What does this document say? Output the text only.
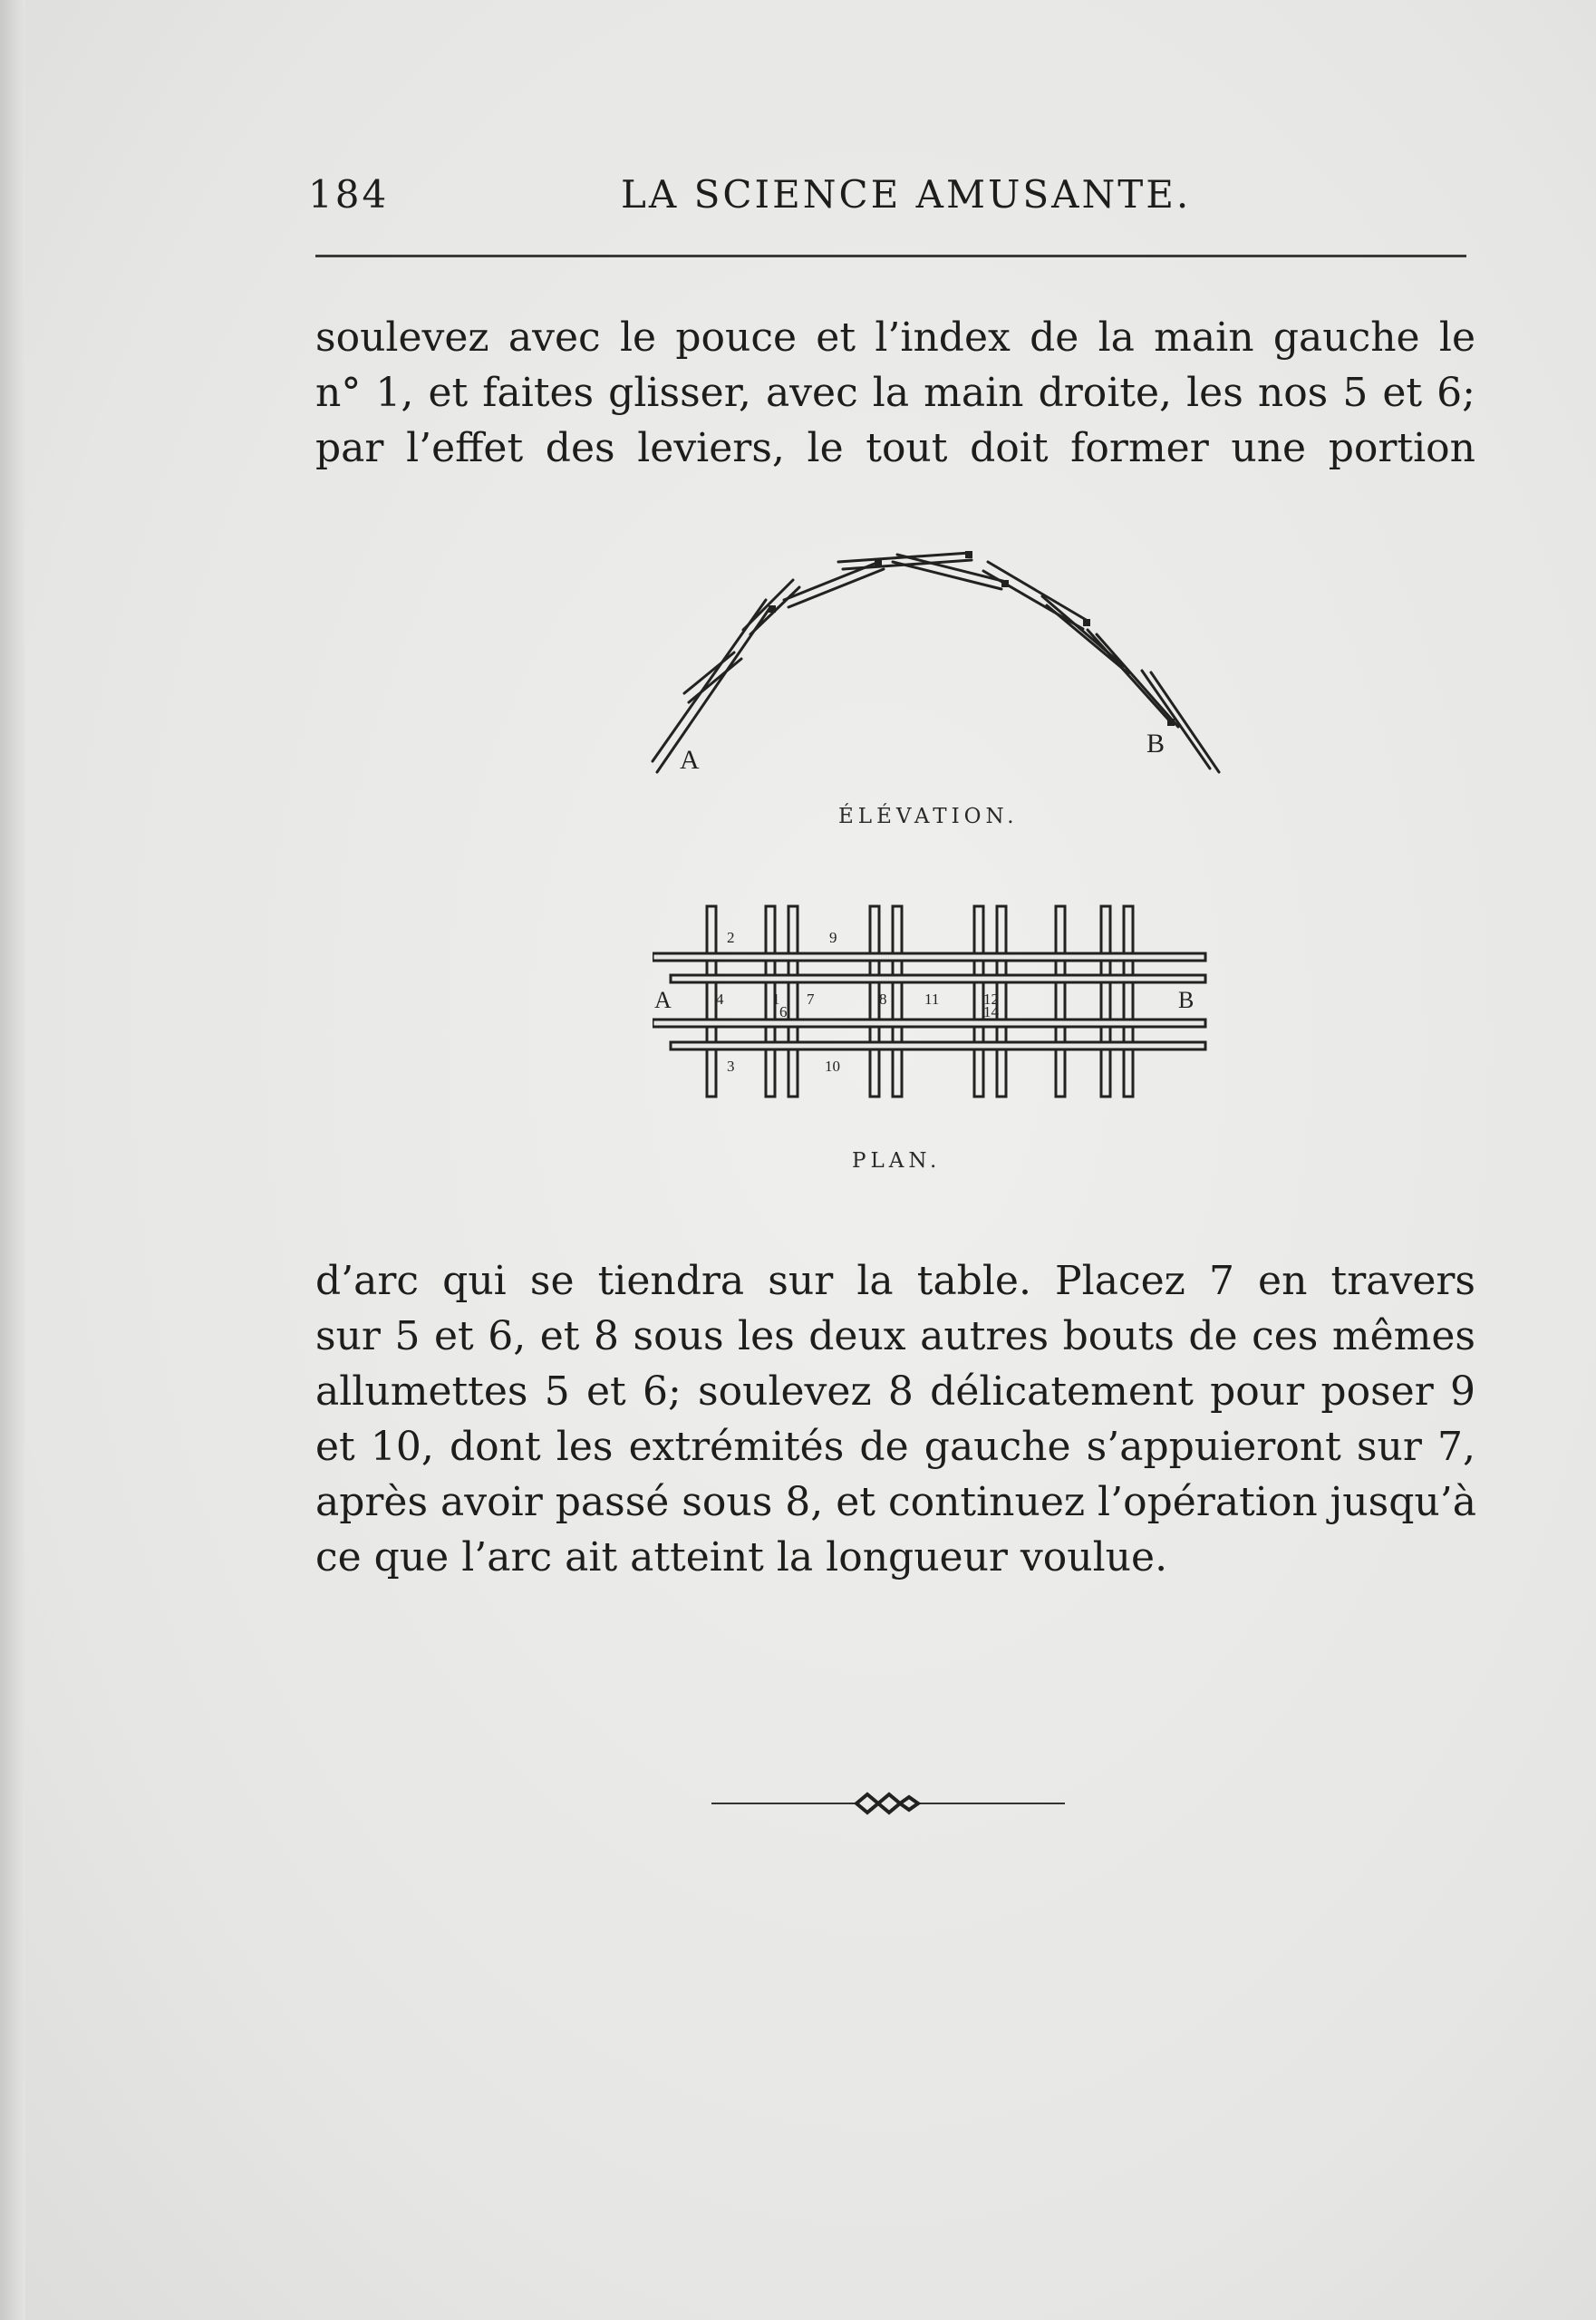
184	LA SCIENCE AMUSANTE.
soulevez avec le pouce et l’index de la main gauche le
n° 1, et faites glisser, avec la main droite, les nos 5 et 6;
par l’effet des leviers, le tout doit former une portion
A
B
ÉLÉVATION.
2	9
4	1 7
6
8 11	12
14
3	10
A	B
PLAN.
d’arc qui se tiendra sur la table. Placez 7 en travers
sur 5 et 6, et 8 sous les deux autres bouts de ces mêmes
allumettes 5 et 6; soulevez 8 délicatement pour poser 9
et 10, dont les extrémités de gauche s’appuieront sur 7,
après avoir passé sous 8, et continuez l’opération jusqu’à
ce que l’arc ait atteint la longueur voulue.
